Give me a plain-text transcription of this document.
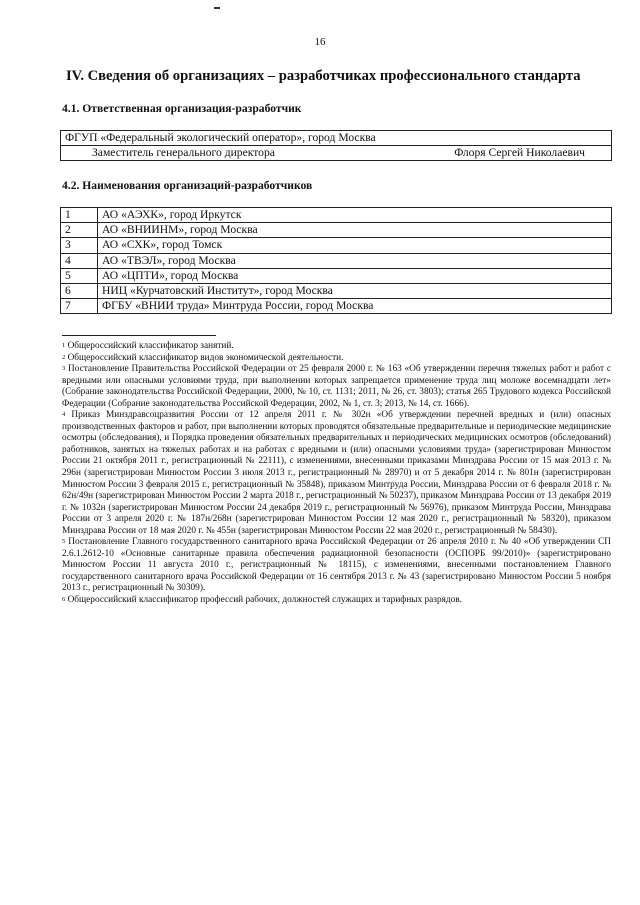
16
IV. Сведения об организациях – разработчиках профессионального стандарта
4.1. Ответственная организация-разработчик
ФГУП «Федеральный экологический оператор», город Москва
Заместитель генерального директора	Флоря Сергей Николаевич
4.2. Наименования организаций-разработчиков
1	АО «АЭХК», город Иркутск
2	АО «ВНИИНМ», город Москва
3	АО «СХК», город Томск
4	АО «ТВЭЛ», город Москва
5	АО «ЦПТИ», город Москва
6	НИЦ «Курчатовский Институт», город Москва
7	ФГБУ «ВНИИ труда» Минтруда России, город Москва

$^1$ Общероссийский классификатор занятий.

$^2$ Общероссийский классификатор видов экономической деятельности.

$^3$ Постановление Правительства Российской Федерации от 25 февраля 2000 г. № 163 «Об утверждении перечня тяжелых работ и работ с вредными или опасными условиями труда, при выполнении которых запрещается применение труда лиц моложе восемнадцати лет» (Собрание законодательства Российской Федерации, 2000, № 10, ст. 1131; 2011, № 26, ст. 3803); статья 265 Трудового кодекса Российской Федерации (Собрание законодательства Российской Федерации, 2002, № 1, ст. 3; 2013, № 14, ст. 1666).

$^4$ Приказ Минздравсоцразвития России от 12 апреля 2011 г. № 302н «Об утверждении перечней вредных и (или) опасных производственных факторов и работ, при выполнении которых проводятся обязательные предварительные и периодические медицинские осмотры (обследования), и Порядка проведения обязательных предварительных и периодических медицинских осмотров (обследований) работников, занятых на тяжелых работах и на работах с вредными и (или) опасными условиями труда» (зарегистрирован Минюстом России 21 октября 2011 г., регистрационный № 22111), с изменениями, внесенными приказами Минздрава России от 15 мая 2013 г. № 296н (зарегистрирован Минюстом России 3 июля 2013 г., регистрационный № 28970) и от 5 декабря 2014 г. № 801н (зарегистрирован Минюстом России 3 февраля 2015 г., регистрационный № 35848), приказом Минтруда России, Минздрава России от 6 февраля 2018 г. № 62н/49н (зарегистрирован Минюстом России 2 марта 2018 г., регистрационный № 50237), приказом Минздрава России от 13 декабря 2019 г. № 1032н (зарегистрирован Минюстом России 24 декабря 2019 г., регистрационный № 56976), приказом Минтруда России, Минздрава России от 3 апреля 2020 г. № 187н/268н (зарегистрирован Минюстом России 12 мая 2020 г., регистрационный № 58320), приказом Минздрава России от 18 мая 2020 г. № 455н (зарегистрирован Минюстом России 22 мая 2020 г., регистрационный № 58430).

$^5$ Постановление Главного государственного санитарного врача Российской Федерации от 26 апреля 2010 г. № 40 «Об утверждении СП 2.6.1.2612-10 «Основные санитарные правила обеспечения радиационной безопасности (ОСПОРБ 99/2010)» (зарегистрировано Минюстом России 11 августа 2010 г., регистрационный № 18115), с изменениями, внесенными постановлением Главного государственного санитарного врача Российской Федерации от 16 сентября 2013 г. № 43 (зарегистрировано Минюстом России 5 ноября 2013 г., регистрационный № 30309).

$^6$ Общероссийский классификатор профессий рабочих, должностей служащих и тарифных разрядов.
